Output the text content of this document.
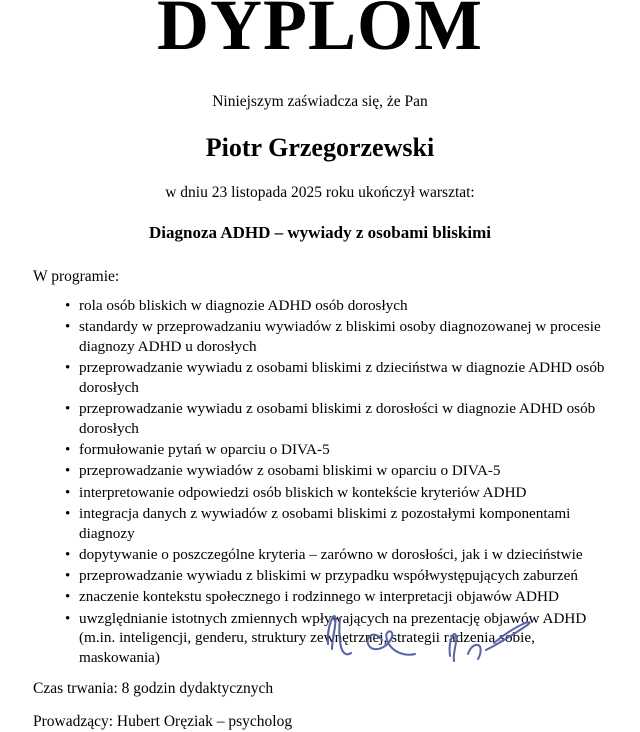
DYPLOM
Niniejszym zaświadcza się, że Pan
Piotr Grzegorzewski
w dniu 23 listopada 2025 roku ukończył warsztat:
Diagnoza ADHD – wywiady z osobami bliskimi
W programie:
• rola osób bliskich w diagnozie ADHD osób dorosłych
• standardy w przeprowadzaniu wywiadów z bliskimi osoby diagnozowanej w procesie diagnozy ADHD u dorosłych
• przeprowadzanie wywiadu z osobami bliskimi z dzieciństwa w diagnozie ADHD osób dorosłych
• przeprowadzanie wywiadu z osobami bliskimi z dorosłości w diagnozie ADHD osób dorosłych
• formułowanie pytań w oparciu o DIVA-5
• przeprowadzanie wywiadów z osobami bliskimi w oparciu o DIVA-5
• interpretowanie odpowiedzi osób bliskich w kontekście kryteriów ADHD
• integracja danych z wywiadów z osobami bliskimi z pozostałymi komponentami diagnozy
• dopytywanie o poszczególne kryteria – zarówno w dorosłości, jak i w dzieciństwie
• przeprowadzanie wywiadu z bliskimi w przypadku współwystępujących zaburzeń
• znaczenie kontekstu społecznego i rodzinnego w interpretacji objawów ADHD
• uwzględnianie istotnych zmiennych wpływających na prezentację objawów ADHD (m.in. inteligencji, genderu, struktury zewnętrznej, strategii radzenia sobie, maskowania)
Czas trwania: 8 godzin dydaktycznych
Prowadzący: Hubert Oręziak – psycholog
